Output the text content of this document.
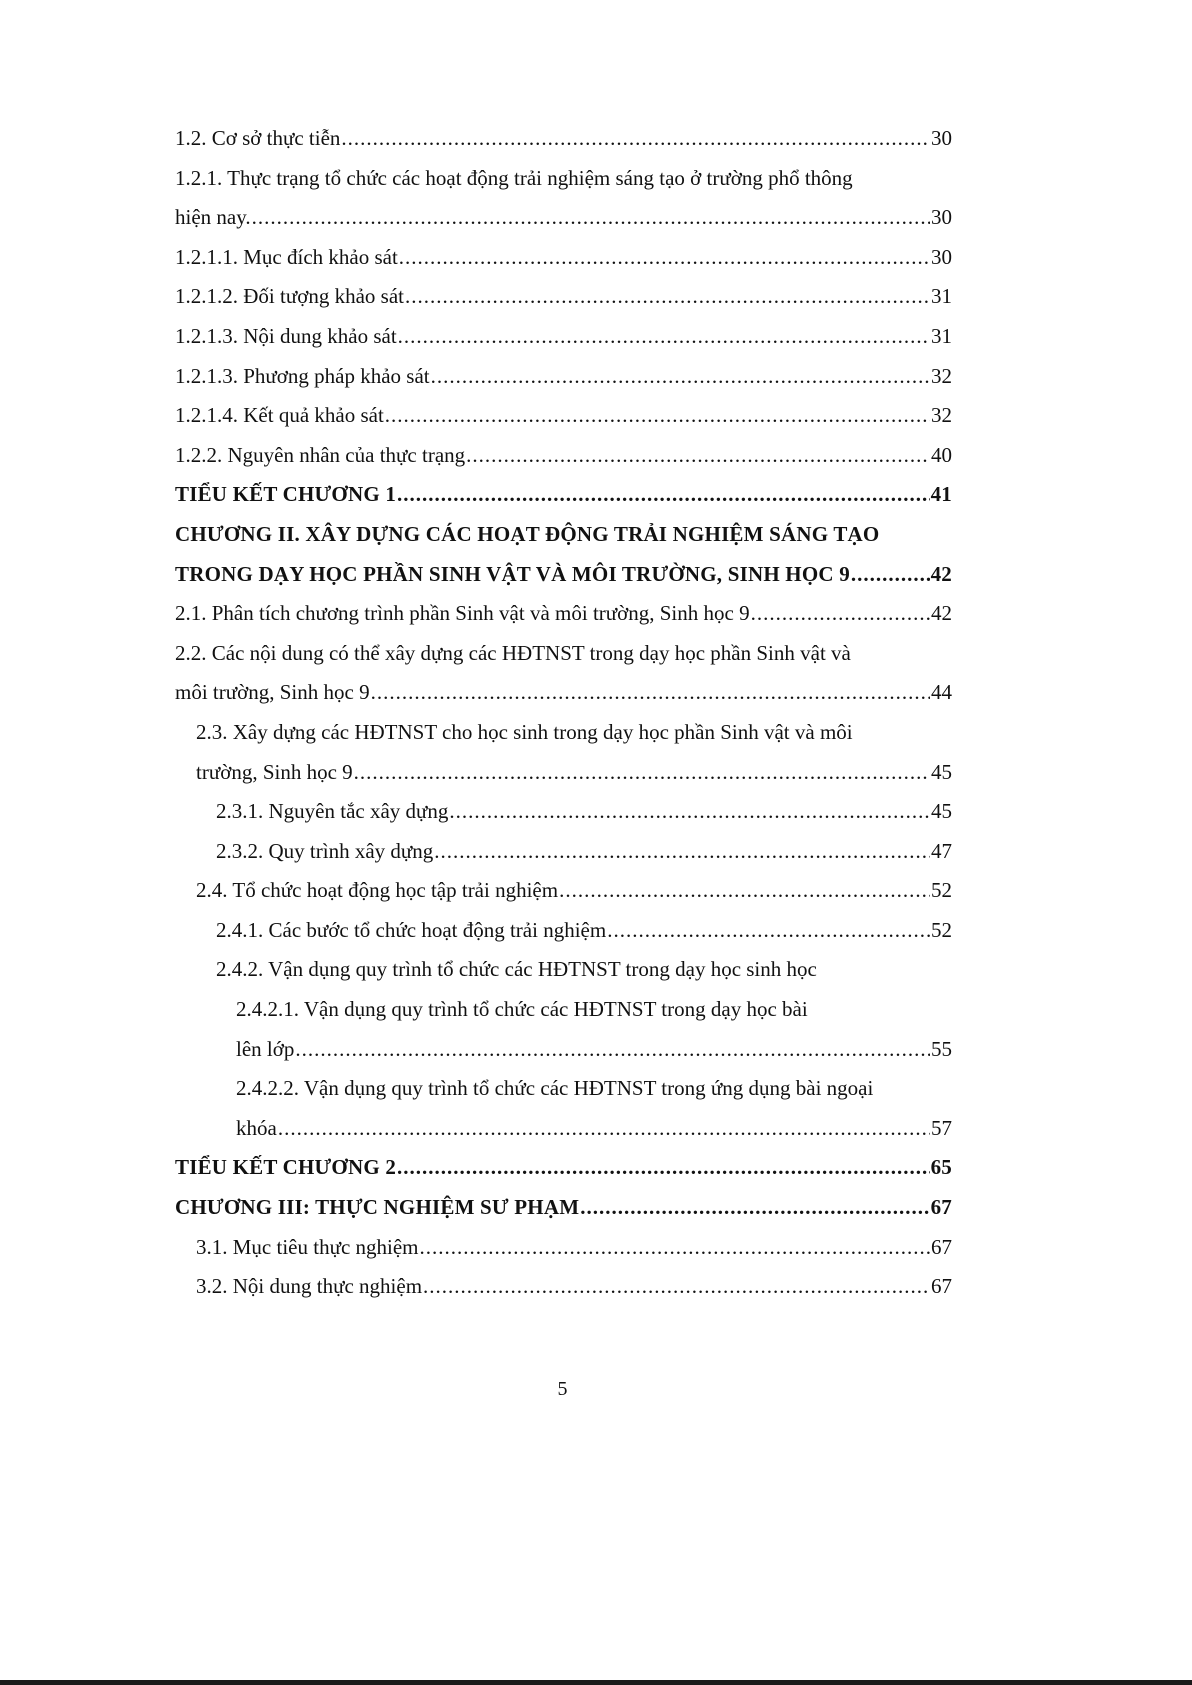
1.2. Cơ sở thực tiễn .....	30
1.2.1. Thực trạng tổ chức các hoạt động trải nghiệm sáng tạo ở trường phổ thông
hiện nay. .....	30
1.2.1.1. Mục đích khảo sát .....	30
1.2.1.2. Đối tượng khảo sát .....	31
1.2.1.3. Nội dung khảo sát .....	31
1.2.1.3. Phương pháp khảo sát .....	32
1.2.1.4. Kết quả khảo sát .....	32
1.2.2. Nguyên nhân của thực trạng .....	40
TIỂU KẾT CHƯƠNG 1 .....	41
CHƯƠNG II. XÂY DỰNG CÁC HOẠT ĐỘNG TRẢI NGHIỆM SÁNG TẠO
TRONG DẠY HỌC PHẦN SINH VẬT VÀ MÔI TRƯỜNG, SINH HỌC 9 .....	42
2.1. Phân tích chương trình phần Sinh vật và môi trường, Sinh học 9 .....	42
2.2. Các nội dung có thể xây dựng các HĐTNST trong dạy học phần Sinh vật và
môi trường, Sinh học 9 .....	44
2.3. Xây dựng các HĐTNST cho học sinh trong dạy học phần Sinh vật và môi
trường, Sinh học 9 .....	45
2.3.1. Nguyên tắc xây dựng .....	45
2.3.2. Quy trình xây dựng .....	47
2.4. Tổ chức hoạt động học tập trải nghiệm .....	52
2.4.1. Các bước tổ chức hoạt động trải nghiệm .....	52
2.4.2. Vận dụng quy trình tổ chức các HĐTNST trong dạy học sinh học
2.4.2.1. Vận dụng quy trình tổ chức các HĐTNST trong dạy học bài
lên lớp .....	55
2.4.2.2. Vận dụng quy trình tổ chức các HĐTNST trong ứng dụng bài ngoại
khóa .....	57
TIỂU KẾT CHƯƠNG 2 .....	65
CHƯƠNG III: THỰC NGHIỆM SƯ PHẠM .....	67
3.1. Mục tiêu thực nghiệm .....	67
3.2. Nội dung thực nghiệm .....	67
5
